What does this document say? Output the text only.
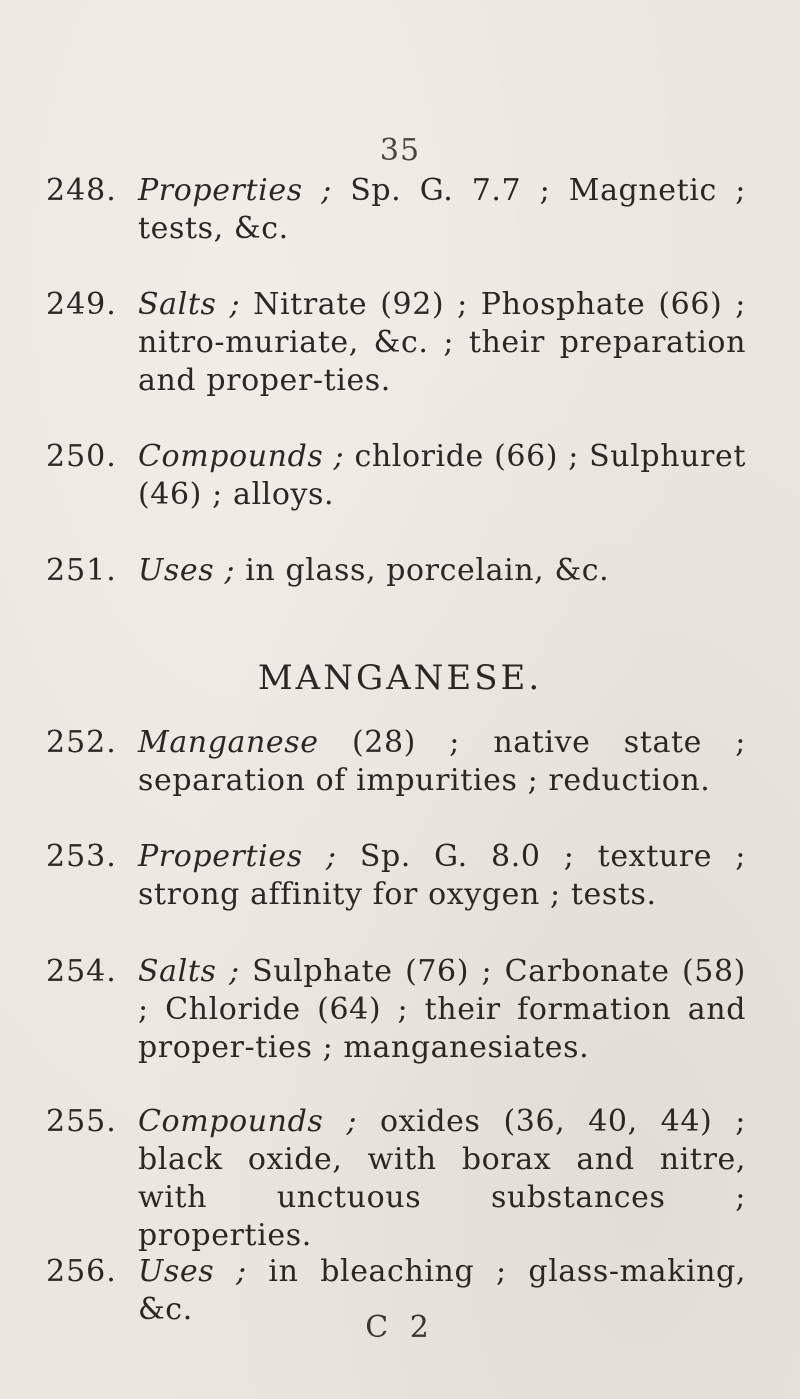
35
248. Properties ; Sp. G. 7.7 ; Magnetic ; tests, &c.
249. Salts ; Nitrate (92) ; Phosphate (66) ; nitro-muriate, &c. ; their preparation and proper-ties.
250. Compounds ; chloride (66) ; Sulphuret (46) ; alloys.
251. Uses ; in glass, porcelain, &c.
MANGANESE.
252. Manganese (28) ; native state ; separation of impurities ; reduction.
253. Properties ; Sp. G. 8.0 ; texture ; strong affinity for oxygen ; tests.
254. Salts ; Sulphate (76) ; Carbonate (58) ; Chloride (64) ; their formation and proper-ties ; manganesiates.
255. Compounds ; oxides (36, 40, 44) ; black oxide, with borax and nitre, with unctuous substances ; properties.
256. Uses ; in bleaching ; glass-making, &c.
C 2
